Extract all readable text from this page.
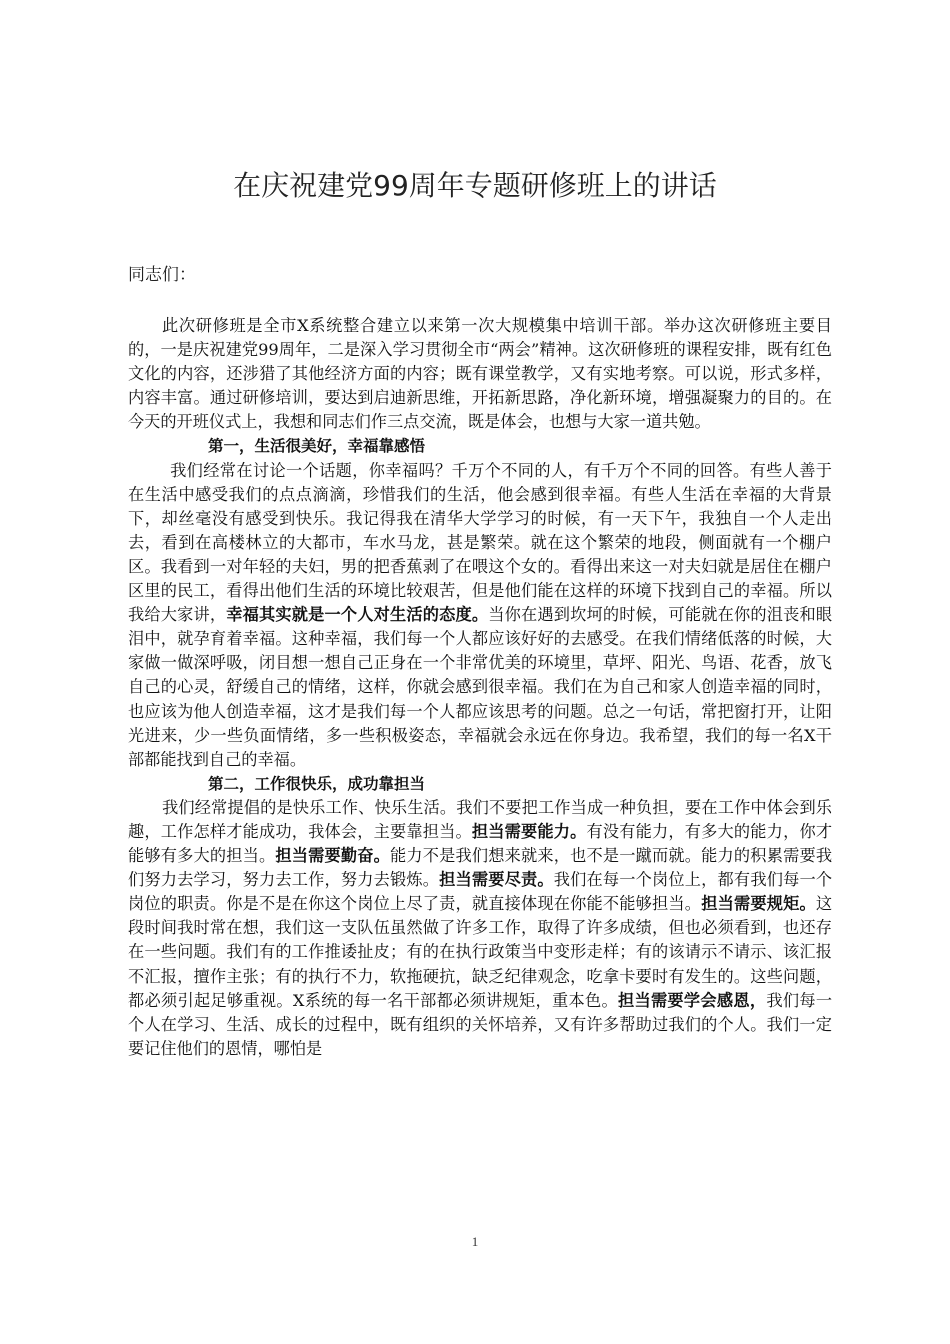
在庆祝建党99周年专题研修班上的讲话
同志们：

此次研修班是全市X系统整合建立以来第一次大规模集中培训干部。举办这次研修班主要目的，一是庆祝建党99周年，二是深入学习贯彻全市“两会”精神。这次研修班的课程安排，既有红色文化的内容，还涉猎了其他经济方面的内容；既有课堂教学，又有实地考察。可以说，形式多样，内容丰富。通过研修培训，要达到启迪新思维，开拓新思路，净化新环境，增强凝聚力的目的。在今天的开班仪式上，我想和同志们作三点交流，既是体会，也想与大家一道共勉。

第一，生活很美好，幸福靠感悟

我们经常在讨论一个话题，你幸福吗？千万个不同的人，有千万个不同的回答。有些人善于在生活中感受我们的点点滴滴，珍惜我们的生活，他会感到很幸福。有些人生活在幸福的大背景下，却丝毫没有感受到快乐。我记得我在清华大学学习的时候，有一天下午，我独自一个人走出去，看到在高楼林立的大都市，车水马龙，甚是繁荣。就在这个繁荣的地段，侧面就有一个棚户区。我看到一对年轻的夫妇，男的把香蕉剥了在喂这个女的。看得出来这一对夫妇就是居住在棚户区里的民工，看得出他们生活的环境比较艰苦，但是他们能在这样的环境下找到自己的幸福。所以我给大家讲，幸福其实就是一个人对生活的态度。当你在遇到坎坷的时候，可能就在你的沮丧和眼泪中，就孕育着幸福。这种幸福，我们每一个人都应该好好的去感受。在我们情绪低落的时候，大家做一做深呼吸，闭目想一想自己正身在一个非常优美的环境里，草坪、阳光、鸟语、花香，放飞自己的心灵，舒缓自己的情绪，这样，你就会感到很幸福。我们在为自己和家人创造幸福的同时，也应该为他人创造幸福，这才是我们每一个人都应该思考的问题。总之一句话，常把窗打开，让阳光进来，少一些负面情绪，多一些积极姿态，幸福就会永远在你身边。我希望，我们的每一名X干部都能找到自己的幸福。

第二，工作很快乐，成功靠担当

我们经常提倡的是快乐工作、快乐生活。我们不要把工作当成一种负担，要在工作中体会到乐趣，工作怎样才能成功，我体会，主要靠担当。担当需要能力。有没有能力，有多大的能力，你才能够有多大的担当。担当需要勤奋。能力不是我们想来就来，也不是一蹴而就。能力的积累需要我们努力去学习，努力去工作，努力去锻炼。担当需要尽责。我们在每一个岗位上，都有我们每一个岗位的职责。你是不是在你这个岗位上尽了责，就直接体现在你能不能够担当。担当需要规矩。这段时间我时常在想，我们这一支队伍虽然做了许多工作，取得了许多成绩，但也必须看到，也还存在一些问题。我们有的工作推诿扯皮；有的在执行政策当中变形走样；有的该请示不请示、该汇报不汇报，擅作主张；有的执行不力，软拖硬抗，缺乏纪律观念，吃拿卡要时有发生的。这些问题，都必须引起足够重视。X系统的每一名干部都必须讲规矩，重本色。担当需要学会感恩，我们每一个人在学习、生活、成长的过程中，既有组织的关怀培养，又有许多帮助过我们的个人。我们一定要记住他们的恩情，哪怕是

1
